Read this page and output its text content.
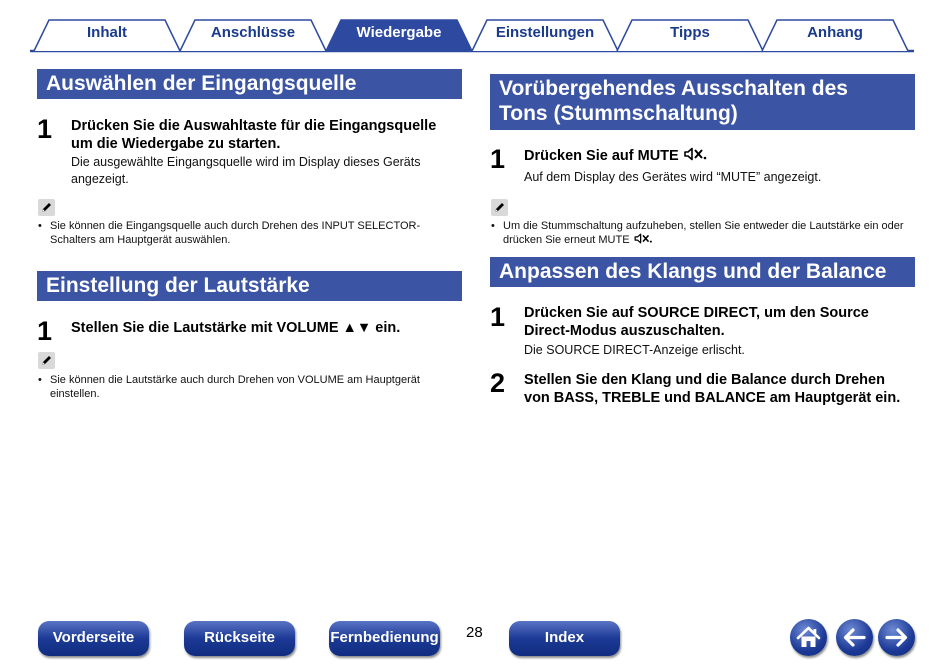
Inhalt	Anschlüsse	Wiedergabe	Einstellungen	Tipps	Anhang
Auswählen der Eingangsquelle
1 Drücken Sie die Auswahltaste für die Eingangsquelle
um die Wiedergabe zu starten.
Die ausgewählte Eingangsquelle wird im Display dieses Geräts
angezeigt.
• Sie können die Eingangsquelle auch durch Drehen des INPUT SELECTOR-
Schalters am Hauptgerät auswählen.
Einstellung der Lautstärke
1 Stellen Sie die Lautstärke mit VOLUME ▲▼ ein.
• Sie können die Lautstärke auch durch Drehen von VOLUME am Hauptgerät
einstellen.
Vorübergehendes Ausschalten des
Tons (Stummschaltung)
1 Drücken Sie auf MUTE
Auf dem Display des Gerätes wird “MUTE” angezeigt.
• Um die Stummschaltung aufzuheben, stellen Sie entweder die Lautstärke ein oder
drücken Sie erneut MUTE
Anpassen des Klangs und der Balance
1 Drücken Sie auf SOURCE DIRECT, um den Source
Direct-Modus auszuschalten.
Die SOURCE DIRECT-Anzeige erlischt.
2 Stellen Sie den Klang und die Balance durch Drehen
von BASS, TREBLE und BALANCE am Hauptgerät ein.
Vorderseite	Rückseite	Fernbedienung 28	Index
